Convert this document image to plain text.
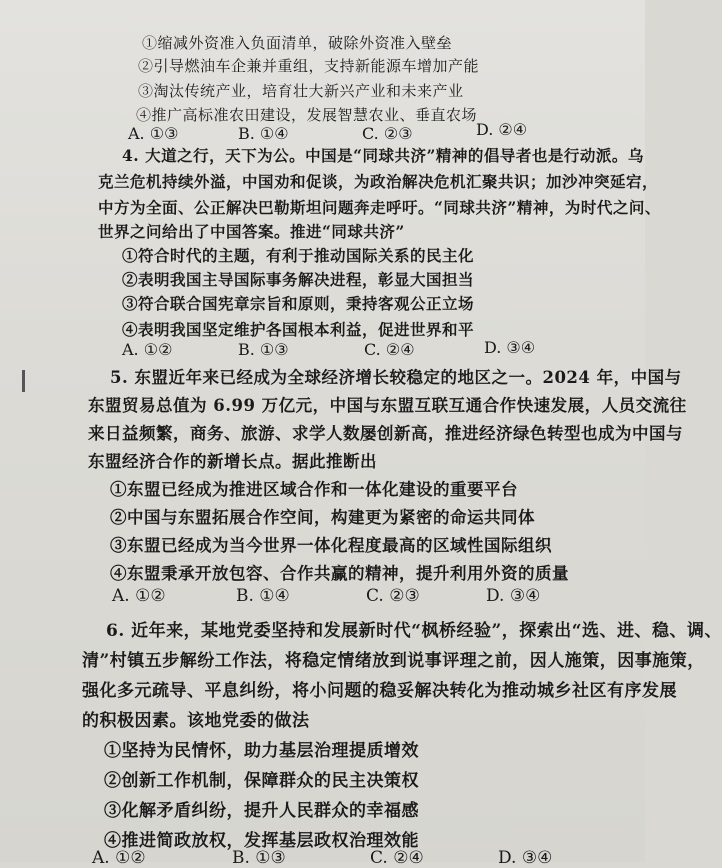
①缩减外资准入负面清单，破除外资准入壁垒
②引导燃油车企兼并重组，支持新能源车增加产能
③淘汰传统产业，培育壮大新兴产业和未来产业
④推广高标准农田建设，发展智慧农业、垂直农场
A. ①③	B. ①④	C. ②③	D. ②④
4. 大道之行，天下为公。中国是“同球共济”精神的倡导者也是行动派。乌
克兰危机持续外溢，中国劝和促谈，为政治解决危机汇聚共识；加沙冲突延宕，
中方为全面、公正解决巴勒斯坦问题奔走呼吁。“同球共济”精神，为时代之问、
世界之问给出了中国答案。推进“同球共济”
①符合时代的主题，有利于推动国际关系的民主化
②表明我国主导国际事务解决进程，彰显大国担当
③符合联合国宪章宗旨和原则，秉持客观公正立场
④表明我国坚定维护各国根本利益，促进世界和平
A. ①②	B. ①③	C. ②④	D. ③④
5. 东盟近年来已经成为全球经济增长较稳定的地区之一。2024 年，中国与
东盟贸易总值为 6.99 万亿元，中国与东盟互联互通合作快速发展，人员交流往
来日益频繁，商务、旅游、求学人数屡创新高，推进经济绿色转型也成为中国与
东盟经济合作的新增长点。据此推断出
①东盟已经成为推进区域合作和一体化建设的重要平台
②中国与东盟拓展合作空间，构建更为紧密的命运共同体
③东盟已经成为当今世界一体化程度最高的区域性国际组织
④东盟秉承开放包容、合作共赢的精神，提升利用外资的质量
A. ①②	B. ①④	C. ②③	D. ③④
6. 近年来，某地党委坚持和发展新时代“枫桥经验”，探索出“选、进、稳、调、
清”村镇五步解纷工作法，将稳定情绪放到说事评理之前，因人施策，因事施策，
强化多元疏导、平息纠纷，将小问题的稳妥解决转化为推动城乡社区有序发展
的积极因素。该地党委的做法
①坚持为民情怀，助力基层治理提质增效
②创新工作机制，保障群众的民主决策权
③化解矛盾纠纷，提升人民群众的幸福感
④推进简政放权，发挥基层政权治理效能
A. ①②	B. ①③	C. ②④	D. ③④
